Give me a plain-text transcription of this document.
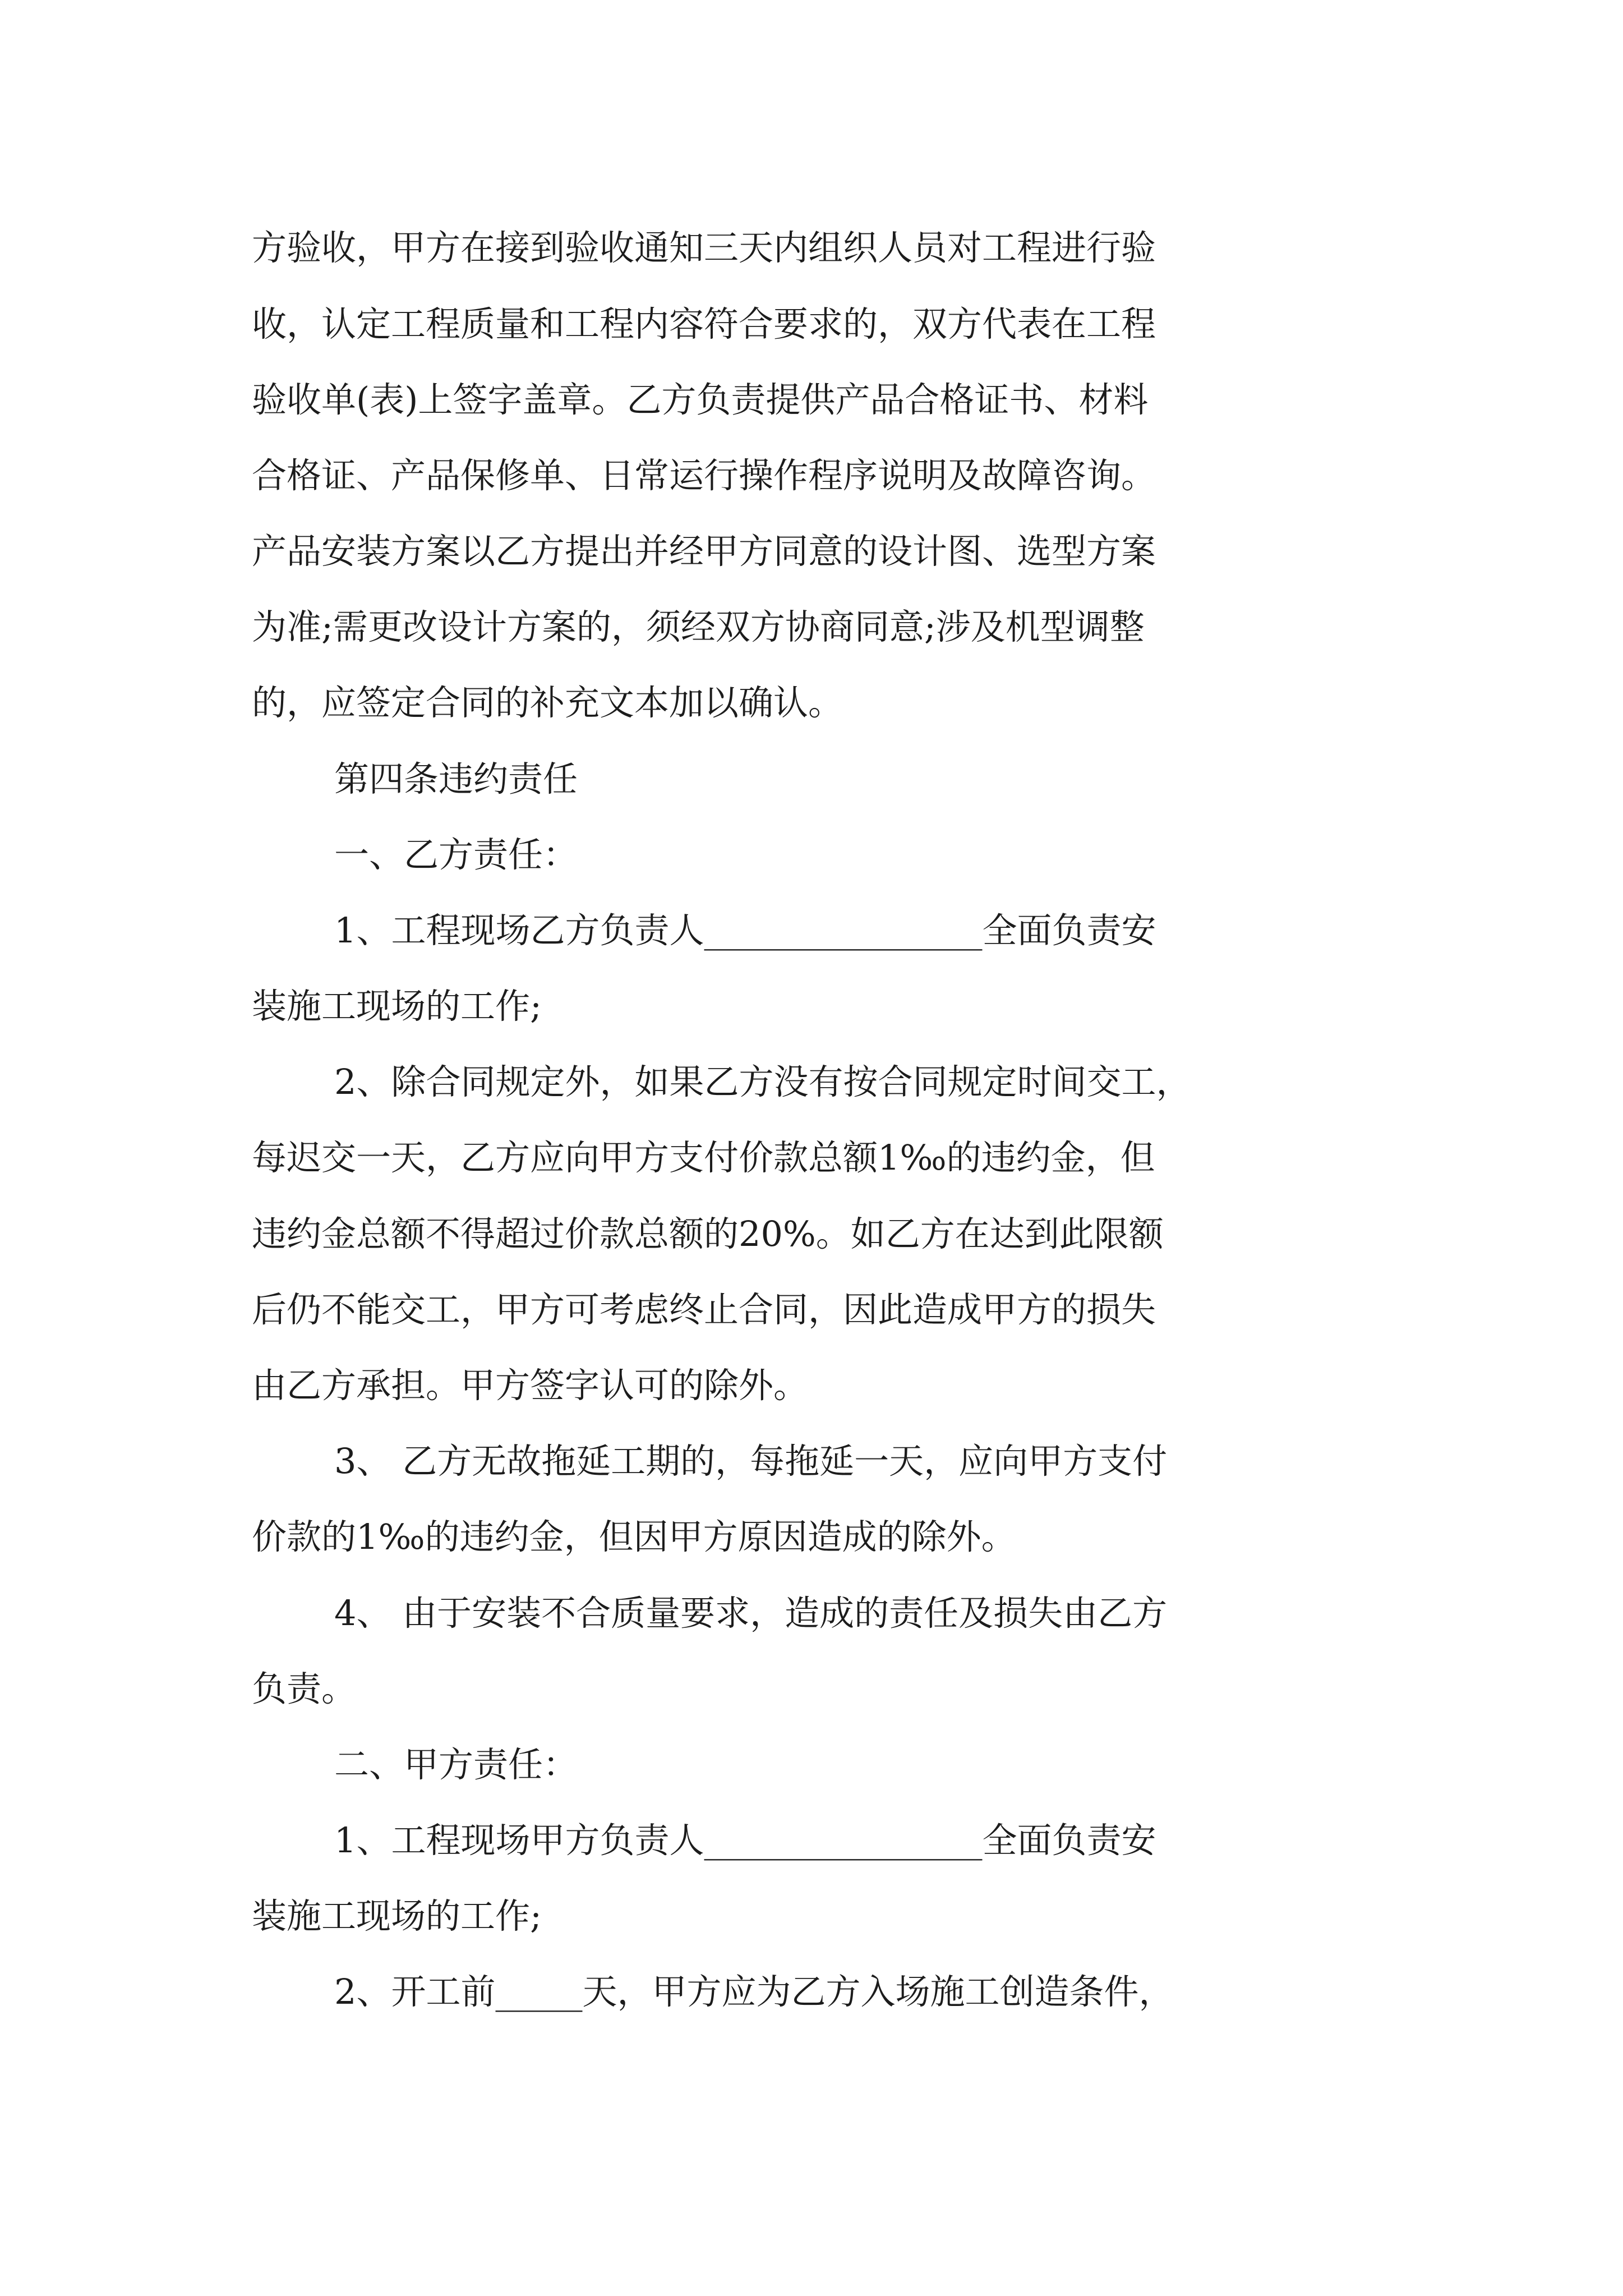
方验收，甲方在接到验收通知三天内组织人员对工程进行验

收，认定工程质量和工程内容符合要求的，双方代表在工程

验收单(表)上签字盖章。乙方负责提供产品合格证书、材料

合格证、产品保修单、日常运行操作程序说明及故障咨询。

产品安装方案以乙方提出并经甲方同意的设计图、选型方案

为准;需更改设计方案的，须经双方协商同意;涉及机型调整

的，应签定合同的补充文本加以确认。

第四条违约责任

一、乙方责任：

1、工程现场乙方负责人________________全面负责安

装施工现场的工作;

2、除合同规定外，如果乙方没有按合同规定时间交工，

每迟交一天，乙方应向甲方支付价款总额1‰的违约金，但

违约金总额不得超过价款总额的20%。如乙方在达到此限额

后仍不能交工，甲方可考虑终止合同，因此造成甲方的损失

由乙方承担。甲方签字认可的除外。

3、 乙方无故拖延工期的，每拖延一天，应向甲方支付

价款的1‰的违约金，但因甲方原因造成的除外。

4、 由于安装不合质量要求，造成的责任及损失由乙方

负责。

二、甲方责任：

1、工程现场甲方负责人________________全面负责安

装施工现场的工作;

2、开工前_____天，甲方应为乙方入场施工创造条件，
